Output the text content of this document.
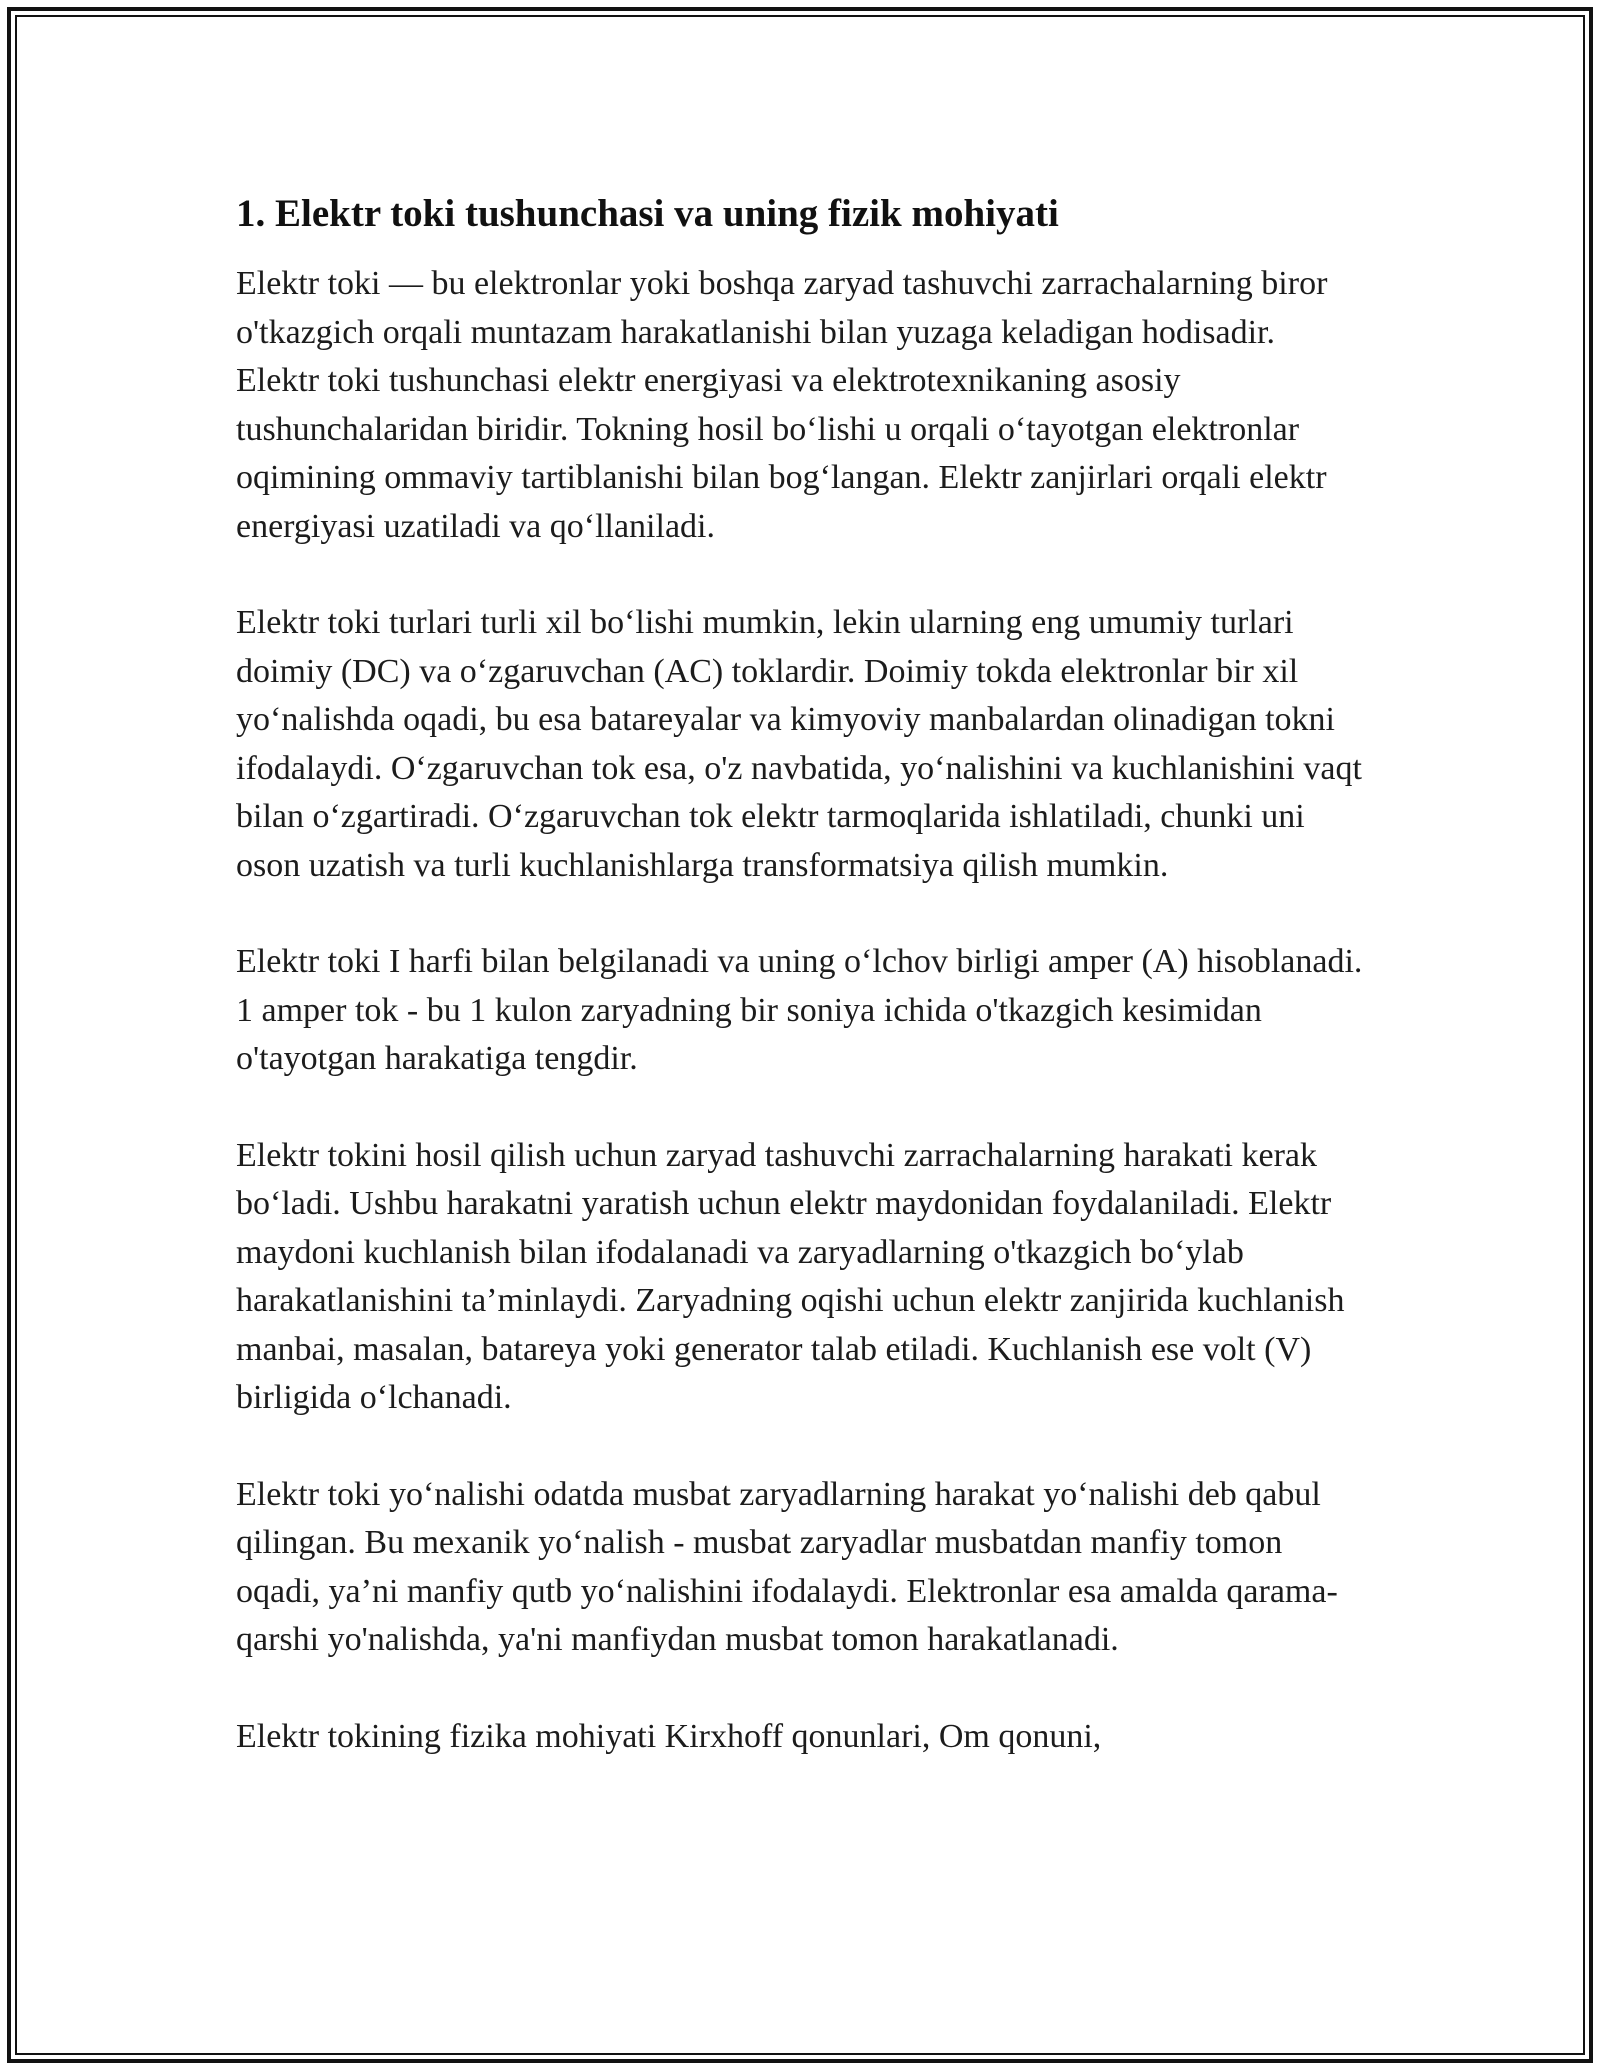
1. Elektr toki tushunchasi va uning fizik mohiyati

Elektr toki — bu elektronlar yoki boshqa zaryad tashuvchi zarrachalarning biror o'tkazgich orqali muntazam harakatlanishi bilan yuzaga keladigan hodisadir. Elektr toki tushunchasi elektr energiyasi va elektrotexnikaning asosiy tushunchalaridan biridir. Tokning hosil bo‘lishi u orqali o‘tayotgan elektronlar oqimining ommaviy tartiblanishi bilan bog‘langan. Elektr zanjirlari orqali elektr energiyasi uzatiladi va qo‘llaniladi.

Elektr toki turlari turli xil bo‘lishi mumkin, lekin ularning eng umumiy turlari doimiy (DC) va o‘zgaruvchan (AC) toklardir. Doimiy tokda elektronlar bir xil yo‘nalishda oqadi, bu esa batareyalar va kimyoviy manbalardan olinadigan tokni ifodalaydi. O‘zgaruvchan tok esa, o'z navbatida, yo‘nalishini va kuchlanishini vaqt bilan o‘zgartiradi. O‘zgaruvchan tok elektr tarmoqlarida ishlatiladi, chunki uni oson uzatish va turli kuchlanishlarga transformatsiya qilish mumkin.

Elektr toki I harfi bilan belgilanadi va uning o‘lchov birligi amper (A) hisoblanadi. 1 amper tok - bu 1 kulon zaryadning bir soniya ichida o'tkazgich kesimidan o'tayotgan harakatiga tengdir.

Elektr tokini hosil qilish uchun zaryad tashuvchi zarrachalarning harakati kerak bo‘ladi. Ushbu harakatni yaratish uchun elektr maydonidan foydalaniladi. Elektr maydoni kuchlanish bilan ifodalanadi va zaryadlarning o'tkazgich bo‘ylab harakatlanishini ta’minlaydi. Zaryadning oqishi uchun elektr zanjirida kuchlanish manbai, masalan, batareya yoki generator talab etiladi. Kuchlanish ese volt (V) birligida o‘lchanadi.

Elektr toki yo‘nalishi odatda musbat zaryadlarning harakat yo‘nalishi deb qabul qilingan. Bu mexanik yo‘nalish - musbat zaryadlar musbatdan manfiy tomon oqadi, ya’ni manfiy qutb yo‘nalishini ifodalaydi. Elektronlar esa amalda qarama-qarshi yo'nalishda, ya'ni manfiydan musbat tomon harakatlanadi.

Elektr tokining fizika mohiyati Kirxhoff qonunlari, Om qonuni,
